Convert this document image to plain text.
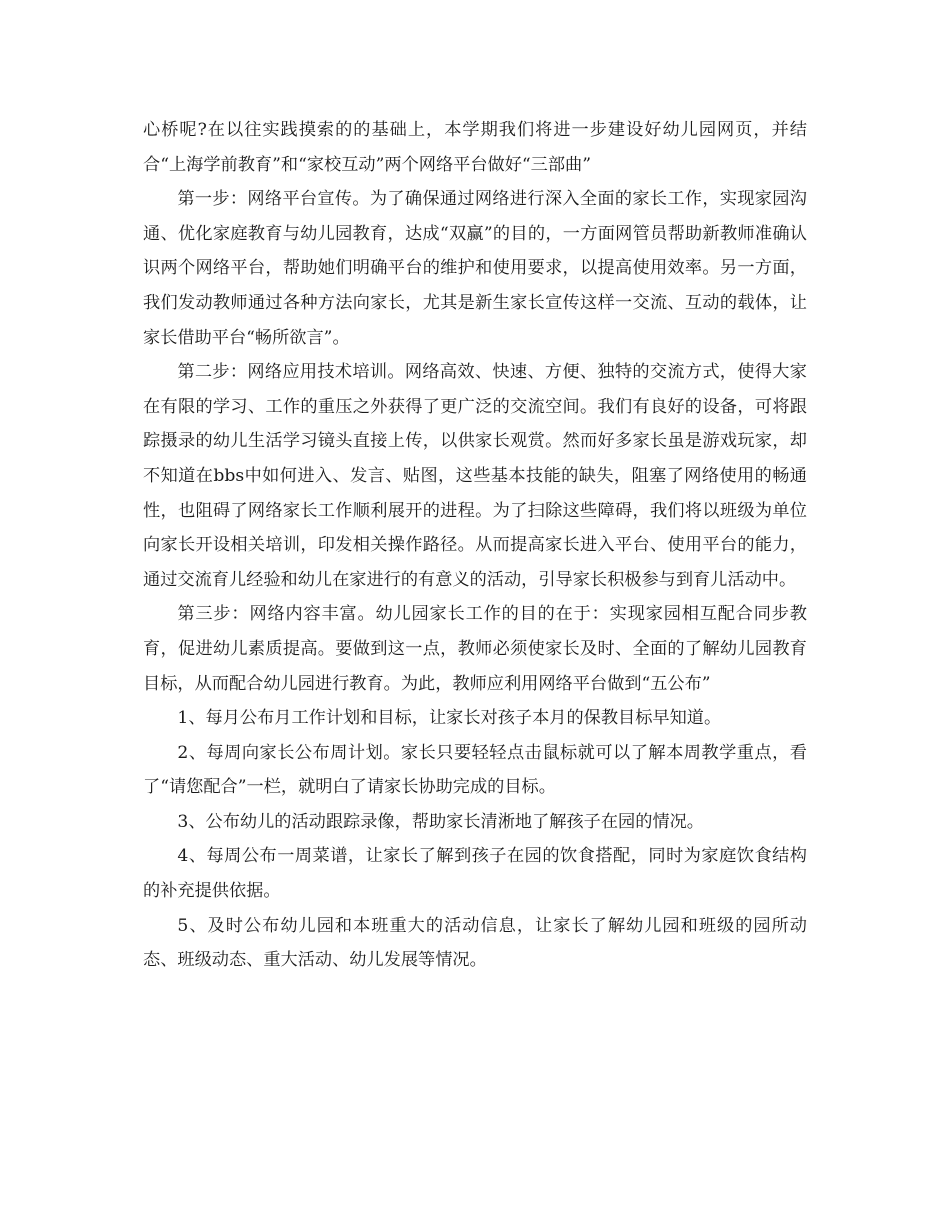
心桥呢?在以往实践摸索的的基础上，本学期我们将进一步建设好幼儿园网页，并结合“上海学前教育”和“家校互动”两个网络平台做好“三部曲”

第一步：网络平台宣传。为了确保通过网络进行深入全面的家长工作，实现家园沟通、优化家庭教育与幼儿园教育，达成“双赢”的目的，一方面网管员帮助新教师准确认识两个网络平台，帮助她们明确平台的维护和使用要求，以提高使用效率。另一方面，我们发动教师通过各种方法向家长，尤其是新生家长宣传这样一交流、互动的载体，让家长借助平台“畅所欲言”。

第二步：网络应用技术培训。网络高效、快速、方便、独特的交流方式，使得大家在有限的学习、工作的重压之外获得了更广泛的交流空间。我们有良好的设备，可将跟踪摄录的幼儿生活学习镜头直接上传，以供家长观赏。然而好多家长虽是游戏玩家，却不知道在bbs中如何进入、发言、贴图，这些基本技能的缺失，阻塞了网络使用的畅通性，也阻碍了网络家长工作顺利展开的进程。为了扫除这些障碍，我们将以班级为单位向家长开设相关培训，印发相关操作路径。从而提高家长进入平台、使用平台的能力，通过交流育儿经验和幼儿在家进行的有意义的活动，引导家长积极参与到育儿活动中。

第三步：网络内容丰富。幼儿园家长工作的目的在于：实现家园相互配合同步教育，促进幼儿素质提高。要做到这一点，教师必须使家长及时、全面的了解幼儿园教育目标，从而配合幼儿园进行教育。为此，教师应利用网络平台做到“五公布”

1、每月公布月工作计划和目标，让家长对孩子本月的保教目标早知道。

2、每周向家长公布周计划。家长只要轻轻点击鼠标就可以了解本周教学重点，看了“请您配合”一栏，就明白了请家长协助完成的目标。

3、公布幼儿的活动跟踪录像，帮助家长清淅地了解孩子在园的情况。

4、每周公布一周菜谱，让家长了解到孩子在园的饮食搭配，同时为家庭饮食结构的补充提供依据。

5、及时公布幼儿园和本班重大的活动信息，让家长了解幼儿园和班级的园所动态、班级动态、重大活动、幼儿发展等情况。
